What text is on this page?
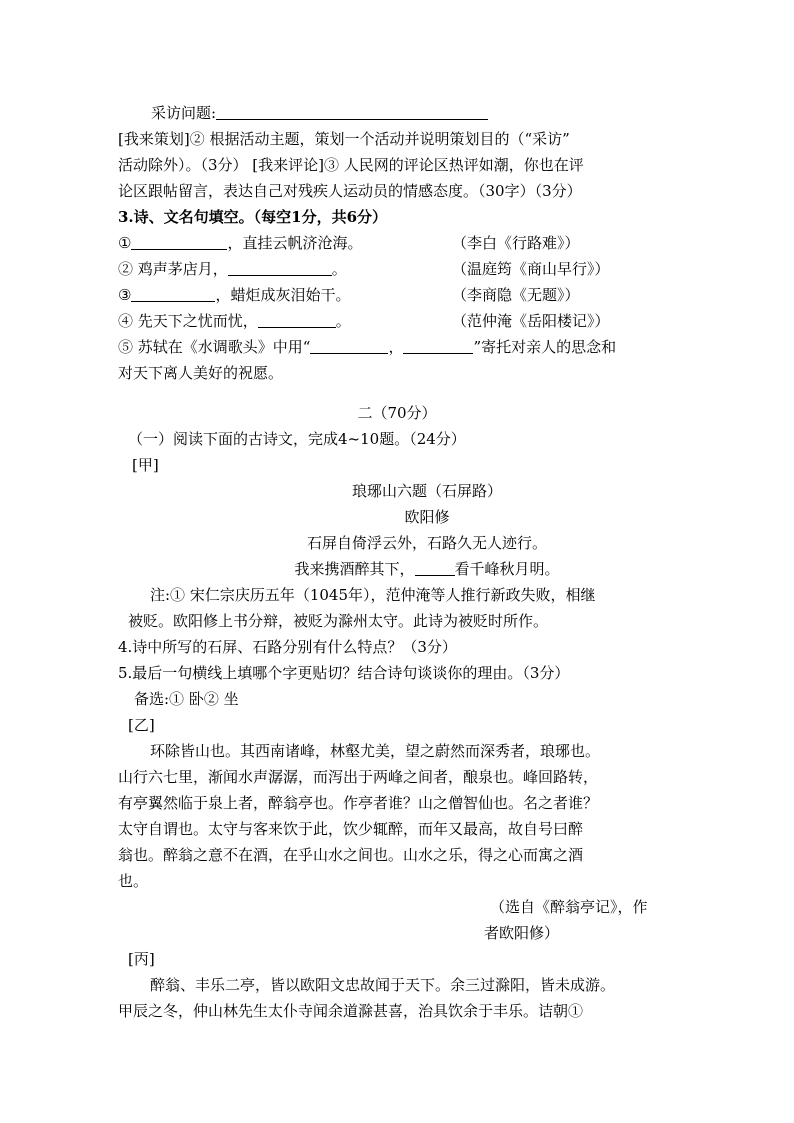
采访问题:
[我来策划]② 根据活动主题，策划一个活动并说明策划目的（“采访”
活动除外）。（3分） [我来评论]③ 人民网的评论区热评如潮，你也在评
论区跟帖留言，表达自己对残疾人运动员的情感态度。（30字）（3分）
3.诗、文名句填空。（每空1分，共6分）
①	，直挂云帆济沧海。	（李白《行路难》）
② 鸡声茅店月，	。	（温庭筠《商山早行》）
③	，蜡炬成灰泪始干。	（李商隐《无题》）
④ 先天下之忧而忧，	。	（范仲淹《岳阳楼记》）
⑤ 苏轼在《水调歌头》中用“	，	”寄托对亲人的思念和
对天下离人美好的祝愿。
二（70分）
（一）阅读下面的古诗文，完成4~10题。（24分）
[甲]
琅琊山六题（石屏路）
欧阳修
石屏自倚浮云外，石路久无人迹行。
我来携酒醉其下，	看千峰秋月明。
注:① 宋仁宗庆历五年（1045年），范仲淹等人推行新政失败，相继
被贬。欧阳修上书分辩，被贬为滁州太守。此诗为被贬时所作。
4.诗中所写的石屏、石路分别有什么特点？（3分）
5.最后一句横线上填哪个字更贴切？结合诗句谈谈你的理由。（3分）
备选:① 卧② 坐
[乙]
环除皆山也。其西南诸峰，林壑尤美，望之蔚然而深秀者，琅琊也。
山行六七里，渐闻水声潺潺，而泻出于两峰之间者，酿泉也。峰回路转，
有亭翼然临于泉上者，醉翁亭也。作亭者谁？山之僧智仙也。名之者谁？
太守自谓也。太守与客来饮于此，饮少辄醉，而年又最高，故自号曰醉
翁也。醉翁之意不在酒，在乎山水之间也。山水之乐，得之心而寓之酒
也。
（选自《醉翁亭记》，作
者欧阳修）
[丙]
醉翁、丰乐二亭，皆以欧阳文忠故闻于天下。余三过滁阳，皆未成游。
甲辰之冬，仲山林先生太仆寺闻余道滁甚喜，治具饮余于丰乐。诘朝①
